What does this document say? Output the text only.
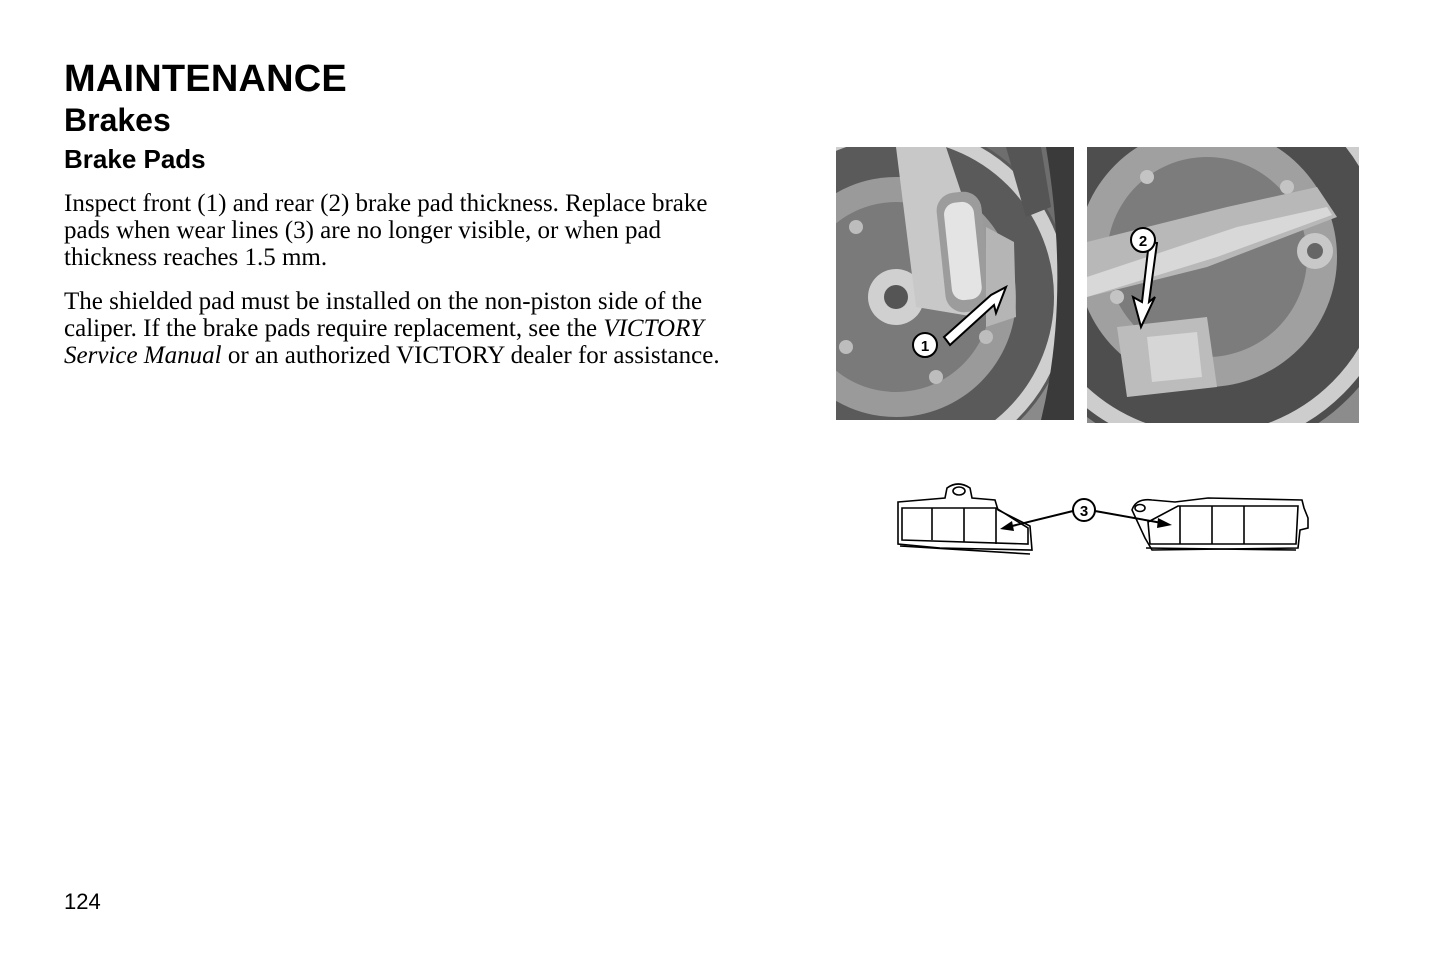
MAINTENANCE
Brakes
Brake Pads
Inspect front (1) and rear (2) brake pad thickness. Replace brake pads when wear lines (3) are no longer visible, or when pad thickness reaches 1.5 mm.
The shielded pad must be installed on the non-piston side of the caliper. If the brake pads require replacement, see the VICTORY Service Manual or an authorized VICTORY dealer for assistance.	1
2
3
124
